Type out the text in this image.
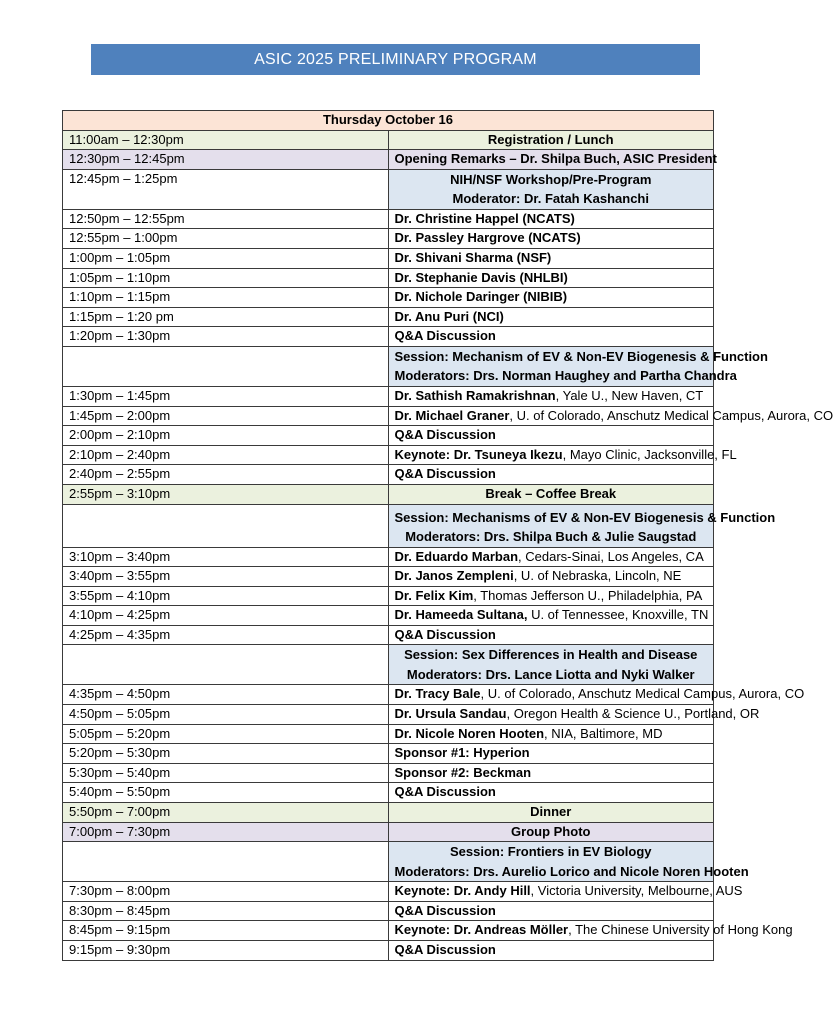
ASIC 2025 PRELIMINARY PROGRAM
Thursday October 16	
11:00am – 12:30pm	Registration / Lunch
12:30pm – 12:45pm	Opening Remarks – Dr. Shilpa Buch, ASIC President
12:45pm – 1:25pm	NIH/NSF Workshop/Pre-Program
Moderator: Dr. Fatah Kashanchi

12:50pm – 12:55pm	Dr. Christine Happel (NCATS)
12:55pm – 1:00pm	Dr. Passley Hargrove (NCATS)
1:00pm – 1:05pm	Dr. Shivani Sharma (NSF)
1:05pm – 1:10pm	Dr. Stephanie Davis (NHLBI)
1:10pm – 1:15pm	Dr. Nichole Daringer (NIBIB)
1:15pm – 1:20 pm	Dr. Anu Puri (NCI)
1:20pm – 1:30pm	Q&A Discussion

	Session: Mechanism of EV & Non-EV Biogenesis & Function
Moderators: Drs. Norman Haughey and Partha Chandra

1:30pm – 1:45pm	Dr. Sathish Ramakrishnan, Yale U., New Haven, CT
1:45pm – 2:00pm	Dr. Michael Graner, U. of Colorado, Anschutz Medical Campus, Aurora, CO
2:00pm – 2:10pm	Q&A Discussion
2:10pm – 2:40pm	Keynote: Dr. Tsuneya Ikezu, Mayo Clinic, Jacksonville, FL
2:40pm – 2:55pm	Q&A Discussion
2:55pm – 3:10pm	Break – Coffee Break

	Session: Mechanisms of EV & Non-EV Biogenesis & Function
Moderators: Drs. Shilpa Buch & Julie Saugstad

3:10pm – 3:40pm	Dr. Eduardo Marban, Cedars-Sinai, Los Angeles, CA
3:40pm – 3:55pm	Dr. Janos Zempleni, U. of Nebraska, Lincoln, NE
3:55pm – 4:10pm	Dr. Felix Kim, Thomas Jefferson U., Philadelphia, PA
4:10pm – 4:25pm	Dr. Hameeda Sultana, U. of Tennessee, Knoxville, TN
4:25pm – 4:35pm	Q&A Discussion

	Session: Sex Differences in Health and Disease
Moderators: Drs. Lance Liotta and Nyki Walker

4:35pm – 4:50pm	Dr. Tracy Bale, U. of Colorado, Anschutz Medical Campus, Aurora, CO
4:50pm – 5:05pm	Dr. Ursula Sandau, Oregon Health & Science U., Portland, OR
5:05pm – 5:20pm	Dr. Nicole Noren Hooten, NIA, Baltimore, MD
5:20pm – 5:30pm	Sponsor #1: Hyperion
5:30pm – 5:40pm	Sponsor #2: Beckman
5:40pm – 5:50pm	Q&A Discussion
5:50pm – 7:00pm	Dinner
7:00pm – 7:30pm	Group Photo

	Session: Frontiers in EV Biology
Moderators: Drs. Aurelio Lorico and Nicole Noren Hooten

7:30pm – 8:00pm	Keynote: Dr. Andy Hill, Victoria University, Melbourne, AUS
8:30pm – 8:45pm	Q&A Discussion
8:45pm – 9:15pm	Keynote: Dr. Andreas Möller, The Chinese University of Hong Kong
9:15pm – 9:30pm	Q&A Discussion
